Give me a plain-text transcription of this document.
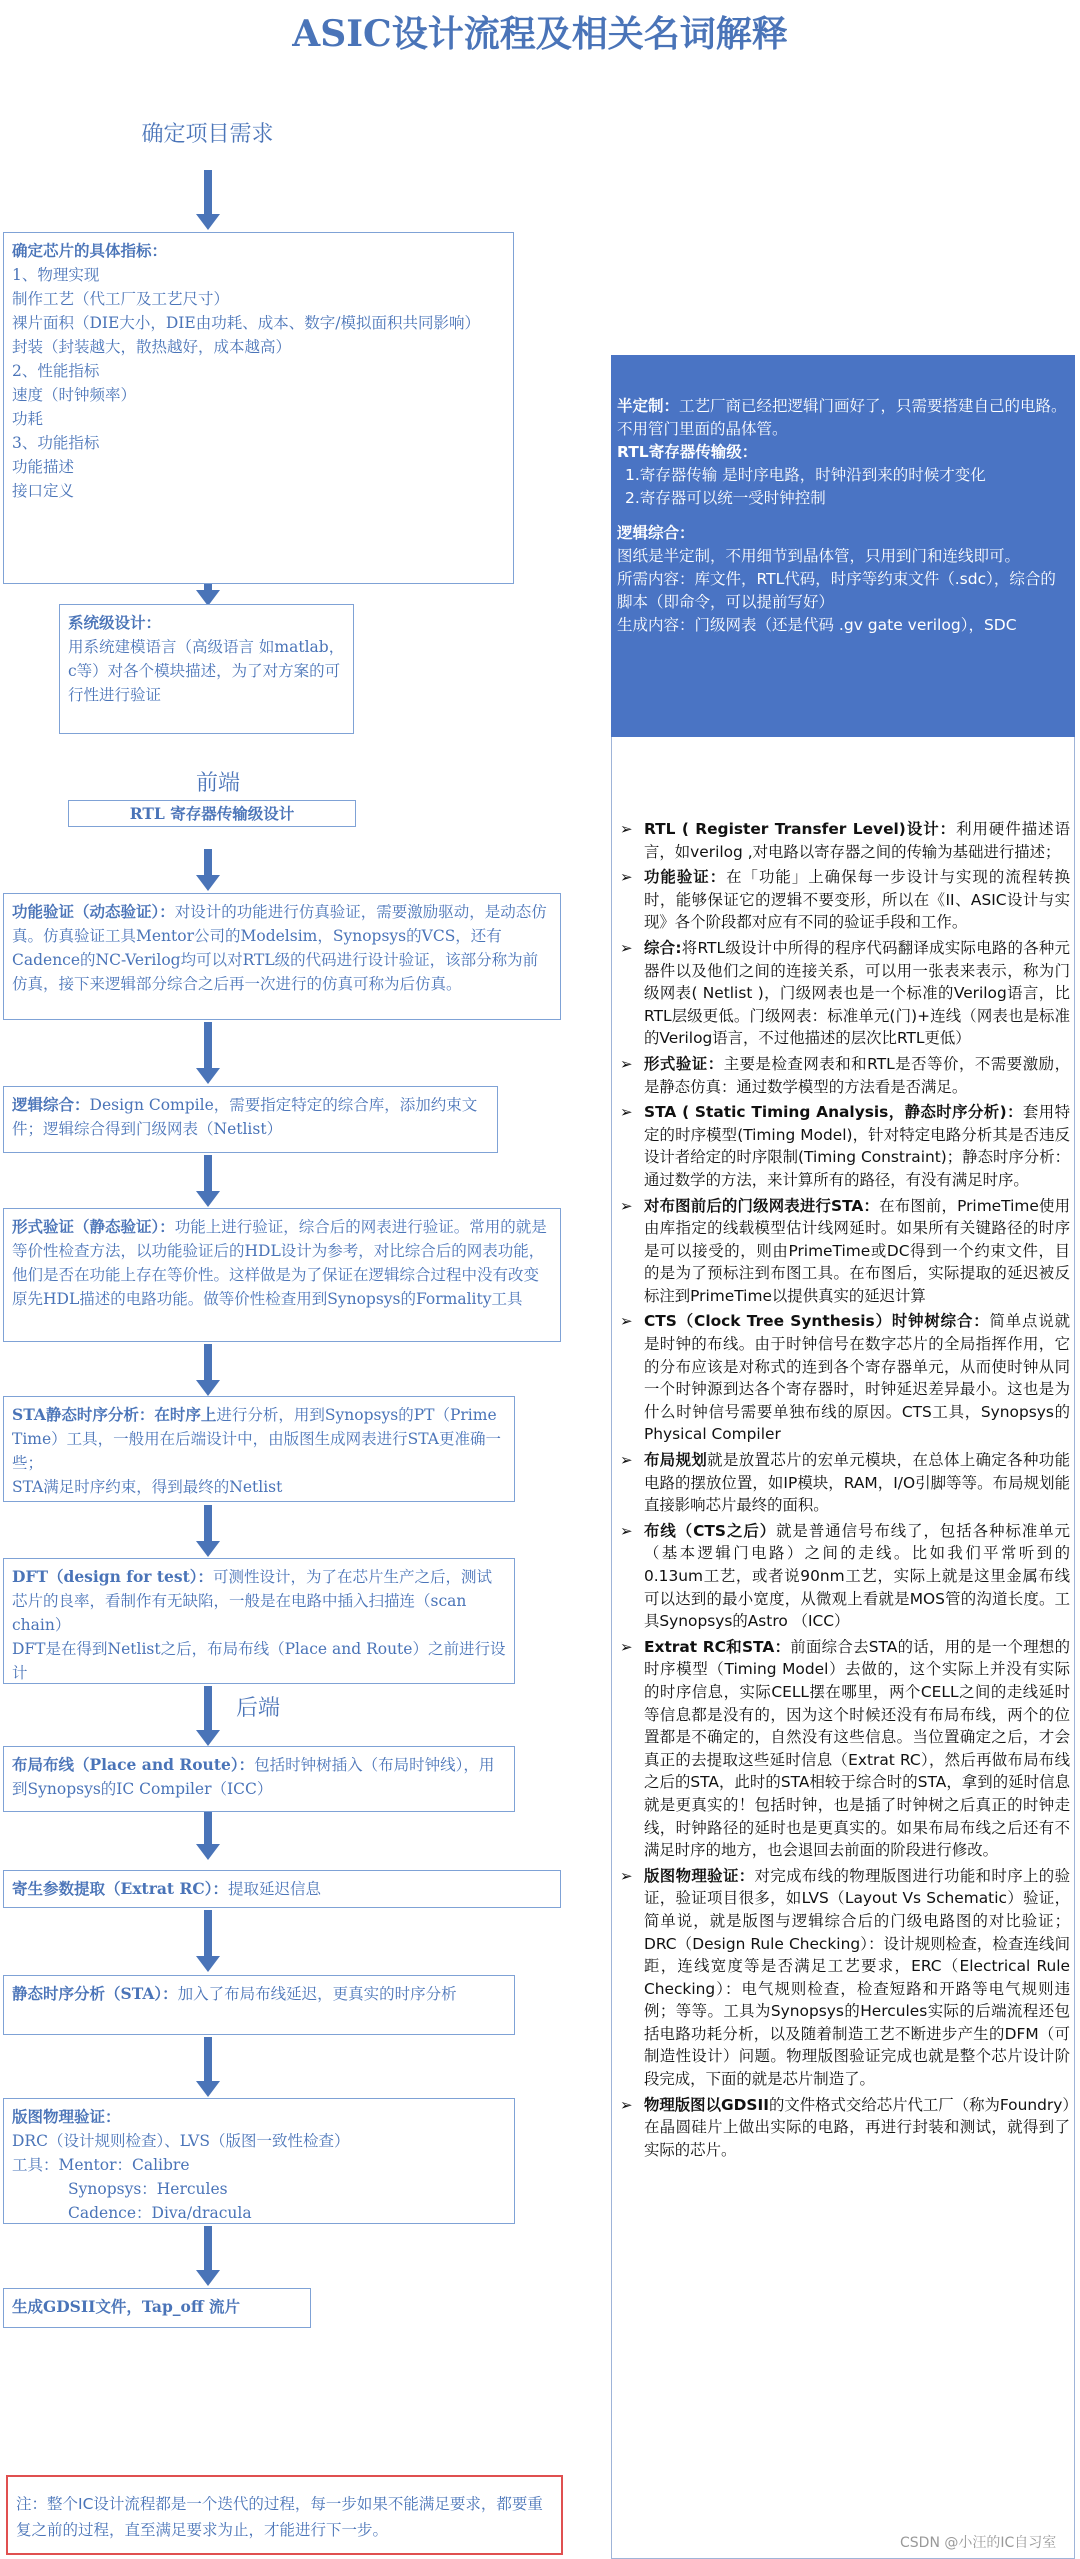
ASIC设计流程及相关名词解释
确定项目需求
确定芯片的具体指标：
1、物理实现
制作工艺（代工厂及工艺尺寸）
裸片面积（DIE大小，DIE由功耗、成本、数字/模拟面积共同影响）
封装（封装越大，散热越好，成本越高）
2、性能指标
速度（时钟频率）
功耗
3、功能指标
功能描述
接口定义
系统级设计：
用系统建模语言（高级语言 如matlab，c等）对各个模块描述，为了对方案的可行性进行验证
前端
RTL 寄存器传输级设计
功能验证（动态验证）：对设计的功能进行仿真验证，需要激励驱动，是动态仿真。仿真验证工具Mentor公司的Modelsim，Synopsys的VCS，还有Cadence的NC-Verilog均可以对RTL级的代码进行设计验证，该部分称为前仿真，接下来逻辑部分综合之后再一次进行的仿真可称为后仿真。
逻辑综合：Design Compile，需要指定特定的综合库，添加约束文件；逻辑综合得到门级网表（Netlist）
形式验证（静态验证）：功能上进行验证，综合后的网表进行验证。常用的就是等价性检查方法，以功能验证后的HDL设计为参考，对比综合后的网表功能，他们是否在功能上存在等价性。这样做是为了保证在逻辑综合过程中没有改变原先HDL描述的电路功能。做等价性检查用到Synopsys的Formality工具
STA静态时序分析：在时序上进行分析，用到Synopsys的PT（Prime Time）工具，一般用在后端设计中，由版图生成网表进行STA更准确一些；
STA满足时序约束，得到最终的Netlist
DFT（design for test）：可测性设计，为了在芯片生产之后，测试芯片的良率，看制作有无缺陷，一般是在电路中插入扫描连（scan chain）
DFT是在得到Netlist之后，布局布线（Place and Route）之前进行设计
后端
布局布线（Place and Route）：包括时钟树插入（布局时钟线），用到Synopsys的IC Compiler（ICC）
寄生参数提取（Extrat RC）：提取延迟信息
静态时序分析（STA）：加入了布局布线延迟，更真实的时序分析
版图物理验证：
DRC（设计规则检查）、LVS（版图一致性检查）
工具：Mentor：Calibre
Synopsys：Hercules
Cadence：Diva/dracula
生成GDSII文件，Tap_off 流片
半定制：工艺厂商已经把逻辑门画好了，只需要搭建自己的电路。不用管门里面的晶体管。
RTL寄存器传输级：
1.寄存器传输 是时序电路，时钟沿到来的时候才变化
2.寄存器可以统一受时钟控制
逻辑综合：
图纸是半定制，不用细节到晶体管，只用到门和连线即可。
所需内容：库文件，RTL代码，时序等约束文件（.sdc），综合的脚本（即命令，可以提前写好）
生成内容：门级网表（还是代码 .gv gate verilog），SDC
➢ RTL ( Register Transfer Level)设计：利用硬件描述语言，如verilog ,对电路以寄存器之间的传输为基础进行描述；
➢ 功能验证：在「功能」上确保每一步设计与实现的流程转换时，能够保证它的逻辑不要变形，所以在《II、ASIC设计与实现》各个阶段都对应有不同的验证手段和工作。
➢ 综合:将RTL级设计中所得的程序代码翻译成实际电路的各种元器件以及他们之间的连接关系，可以用一张表来表示，称为门级网表( Netlist )，门级网表也是一个标准的Verilog语言，比RTL层级更低。门级网表：标准单元(门)+连线（网表也是标准的Verilog语言，不过他描述的层次比RTL更低）
➢ 形式验证：主要是检查网表和和RTL是否等价，不需要激励，是静态仿真：通过数学模型的方法看是否满足。
➢ STA ( Static Timing Analysis，静态时序分析)：套用特定的时序模型(Timing Model)，针对特定电路分析其是否违反设计者给定的时序限制(Timing Constraint)；静态时序分析：通过数学的方法，来计算所有的路径，有没有满足时序。
➢ 对布图前后的门级网表进行STA：在布图前，PrimeTime使用由库指定的线载模型估计线网延时。如果所有关键路径的时序是可以接受的，则由PrimeTime或DC得到一个约束文件，目的是为了预标注到布图工具。在布图后，实际提取的延迟被反标注到PrimeTime以提供真实的延迟计算
➢ CTS（Clock Tree Synthesis）时钟树综合：简单点说就是时钟的布线。由于时钟信号在数字芯片的全局指挥作用，它的分布应该是对称式的连到各个寄存器单元，从而使时钟从同一个时钟源到达各个寄存器时，时钟延迟差异最小。这也是为什么时钟信号需要单独布线的原因。CTS工具，Synopsys的Physical Compiler
➢ 布局规划就是放置芯片的宏单元模块，在总体上确定各种功能电路的摆放位置，如IP模块，RAM，I/O引脚等等。布局规划能直接影响芯片最终的面积。
➢ 布线（CTS之后）就是普通信号布线了，包括各种标准单元（基本逻辑门电路）之间的走线。比如我们平常听到的0.13um工艺，或者说90nm工艺，实际上就是这里金属布线可以达到的最小宽度，从微观上看就是MOS管的沟道长度。工具Synopsys的Astro （ICC）
➢ Extrat RC和STA：前面综合去STA的话，用的是一个理想的时序模型（Timing Model）去做的，这个实际上并没有实际的时序信息，实际CELL摆在哪里，两个CELL之间的走线延时等信息都是没有的，因为这个时候还没有布局布线，两个的位置都是不确定的，自然没有这些信息。当位置确定之后，才会真正的去提取这些延时信息（Extrat RC），然后再做布局布线之后的STA，此时的STA相较于综合时的STA，拿到的延时信息就是更真实的！包括时钟，也是插了时钟树之后真正的时钟走线，时钟路径的延时也是更真实的。如果布局布线之后还有不满足时序的地方，也会退回去前面的阶段进行修改。
➢ 版图物理验证：对完成布线的物理版图进行功能和时序上的验证，验证项目很多，如LVS（Layout Vs Schematic）验证，简单说，就是版图与逻辑综合后的门级电路图的对比验证；DRC（Design Rule Checking）：设计规则检查，检查连线间距，连线宽度等是否满足工艺要求，ERC（Electrical Rule Checking）：电气规则检查，检查短路和开路等电气规则违例；等等。工具为Synopsys的Hercules实际的后端流程还包括电路功耗分析，以及随着制造工艺不断进步产生的DFM（可制造性设计）问题。物理版图验证完成也就是整个芯片设计阶段完成，下面的就是芯片制造了。
➢ 物理版图以GDSII的文件格式交给芯片代工厂（称为Foundry）在晶圆硅片上做出实际的电路，再进行封装和测试，就得到了实际的芯片。
注：整个IC设计流程都是一个迭代的过程，每一步如果不能满足要求，都要重复之前的过程，直至满足要求为止，才能进行下一步。
CSDN @小汪的IC自习室
